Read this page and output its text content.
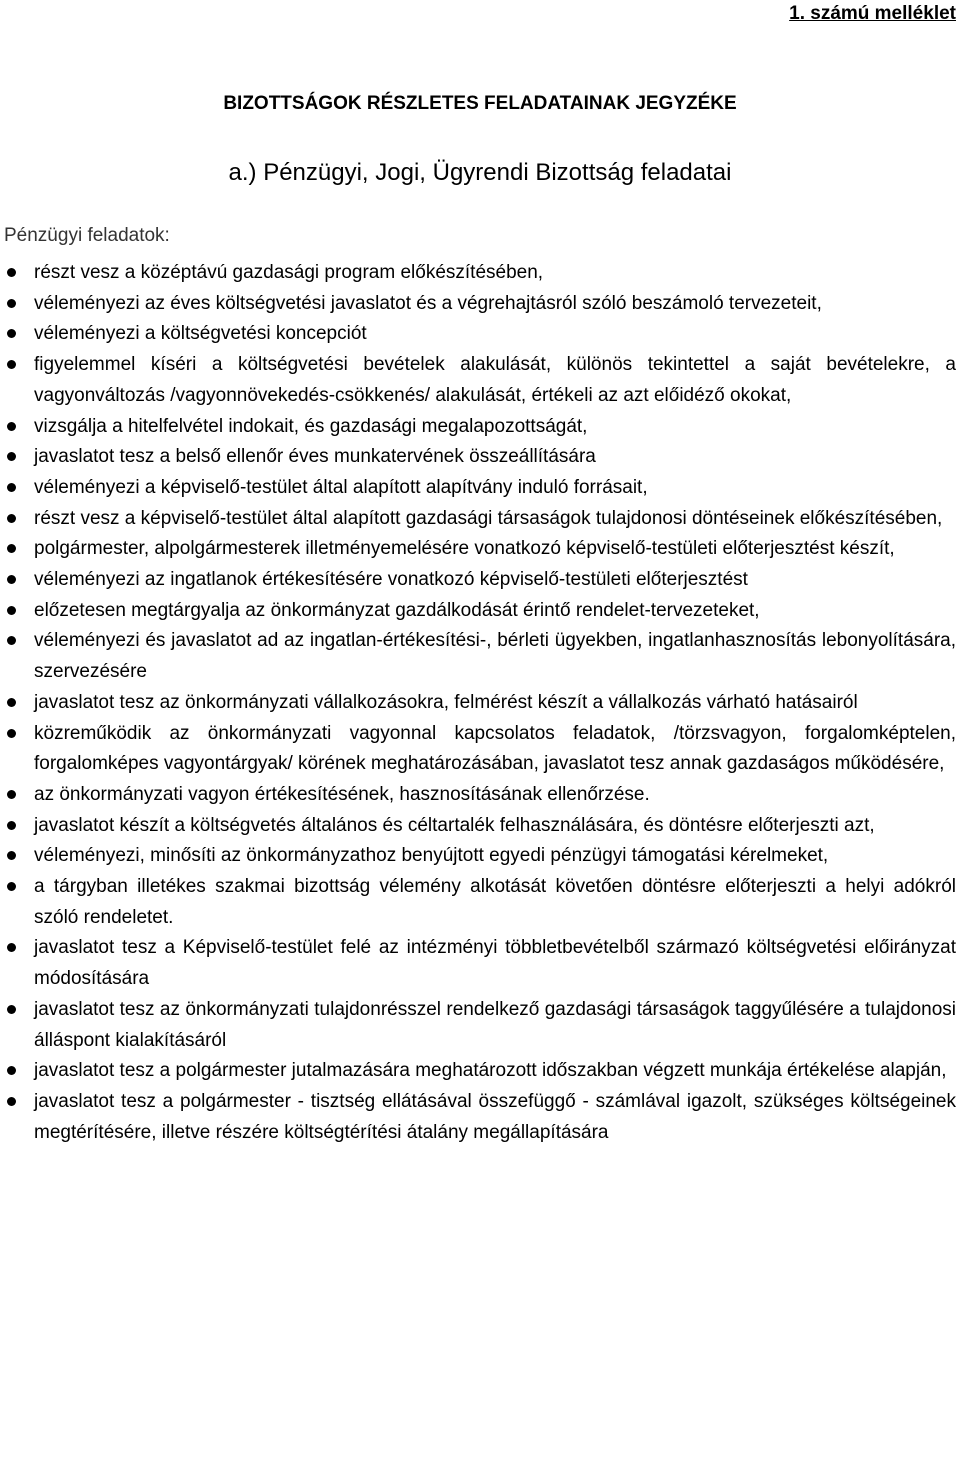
1. számú melléklet
BIZOTTSÁGOK RÉSZLETES FELADATAINAK JEGYZÉKE
a.) Pénzügyi, Jogi, Ügyrendi Bizottság feladatai
Pénzügyi feladatok:
részt vesz a középtávú gazdasági program előkészítésében,
véleményezi az éves költségvetési javaslatot és a végrehajtásról szóló beszámoló tervezeteit,
véleményezi a költségvetési koncepciót
figyelemmel kíséri a költségvetési bevételek alakulását, különös tekintettel a saját bevételekre, a vagyonváltozás /vagyonnövekedés-csökkenés/ alakulását, értékeli az azt előidéző okokat,
vizsgálja a hitelfelvétel indokait, és gazdasági megalapozottságát,
javaslatot tesz a belső ellenőr éves munkatervének összeállítására
véleményezi a képviselő-testület által alapított alapítvány induló forrásait,
részt vesz a képviselő-testület által alapított gazdasági társaságok tulajdonosi döntéseinek előkészítésében,
polgármester, alpolgármesterek illetményemelésére vonatkozó képviselő-testületi előterjesztést készít,
véleményezi az ingatlanok értékesítésére vonatkozó képviselő-testületi előterjesztést
előzetesen megtárgyalja az önkormányzat gazdálkodását érintő rendelet-tervezeteket,
véleményezi és javaslatot ad az ingatlan-értékesítési-, bérleti ügyekben, ingatlanhasznosítás lebonyolítására, szervezésére
javaslatot tesz az önkormányzati vállalkozásokra, felmérést készít a vállalkozás várható hatásairól
közreműködik az önkormányzati vagyonnal kapcsolatos feladatok, /törzsvagyon, forgalomképtelen, forgalomképes vagyontárgyak/ körének meghatározásában, javaslatot tesz annak gazdaságos működésére,
az önkormányzati vagyon értékesítésének, hasznosításának ellenőrzése.
javaslatot készít a költségvetés általános és céltartalék felhasználására, és döntésre előterjeszti azt,
véleményezi, minősíti az önkormányzathoz benyújtott egyedi pénzügyi támogatási kérelmeket,
a tárgyban illetékes szakmai bizottság vélemény alkotását követően döntésre előterjeszti a helyi adókról szóló rendeletet.
javaslatot tesz a Képviselő-testület felé az intézményi többletbevételből származó költségvetési előirányzat módosítására
javaslatot tesz az önkormányzati tulajdonrésszel rendelkező gazdasági társaságok taggyűlésére a tulajdonosi álláspont kialakításáról
javaslatot tesz a polgármester jutalmazására meghatározott időszakban végzett munkája értékelése alapján,
javaslatot tesz a polgármester - tisztség ellátásával összefüggő - számlával igazolt, szükséges költségeinek megtérítésére, illetve részére költségtérítési átalány megállapítására
